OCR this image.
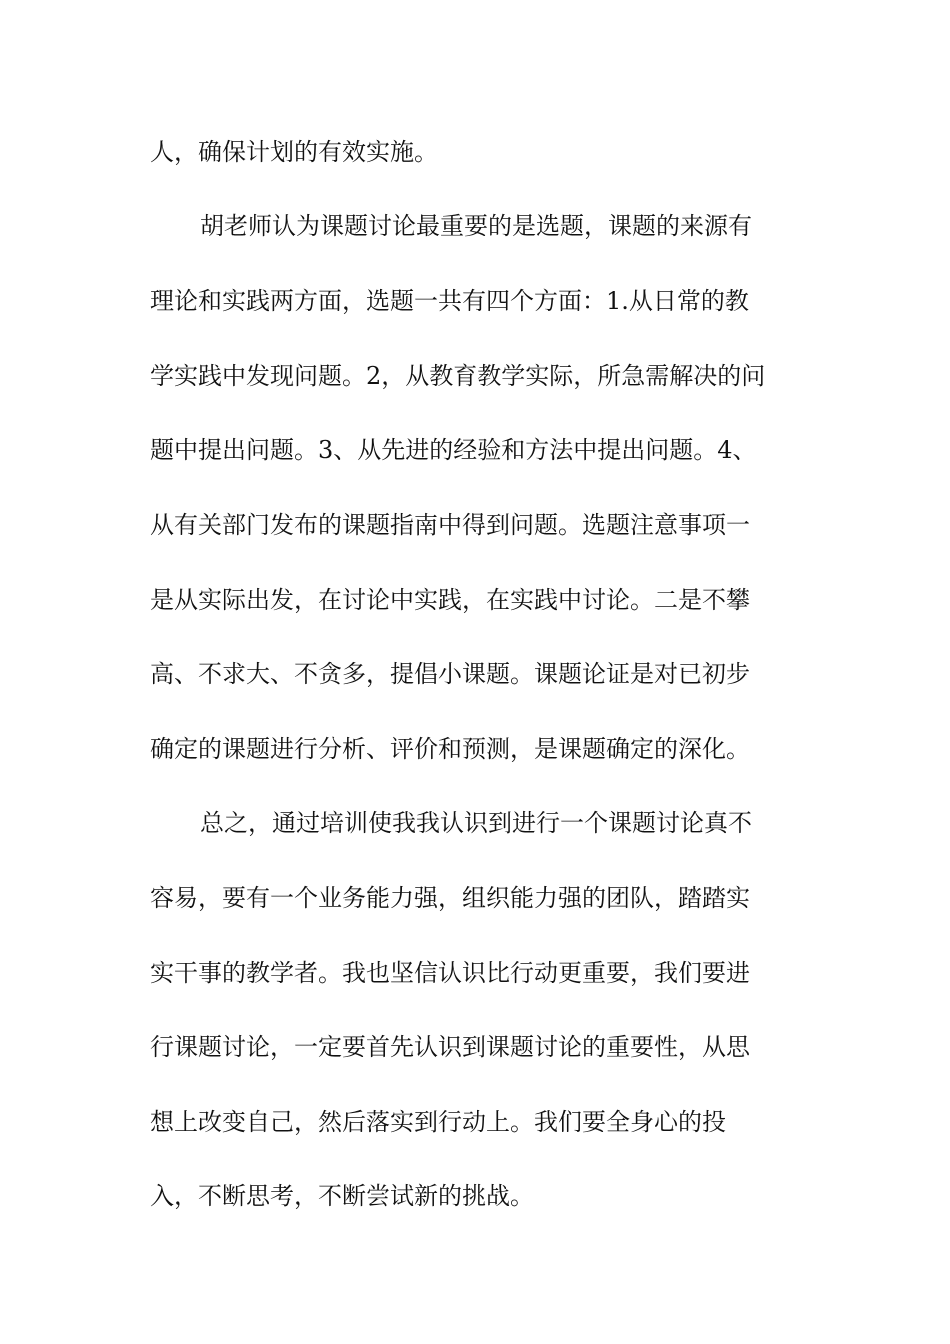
人，确保计划的有效实施。
胡老师认为课题讨论最重要的是选题，课题的来源有
理论和实践两方面，选题一共有四个方面：1.从日常的教
学实践中发现问题。2，从教育教学实际，所急需解决的问
题中提出问题。3、从先进的经验和方法中提出问题。4、
从有关部门发布的课题指南中得到问题。选题注意事项一
是从实际出发，在讨论中实践，在实践中讨论。二是不攀
高、不求大、不贪多，提倡小课题。课题论证是对已初步
确定的课题进行分析、评价和预测，是课题确定的深化。
总之，通过培训使我我认识到进行一个课题讨论真不
容易，要有一个业务能力强，组织能力强的团队，踏踏实
实干事的教学者。我也坚信认识比行动更重要，我们要进
行课题讨论，一定要首先认识到课题讨论的重要性，从思
想上改变自己，然后落实到行动上。我们要全身心的投
入，不断思考，不断尝试新的挑战。
